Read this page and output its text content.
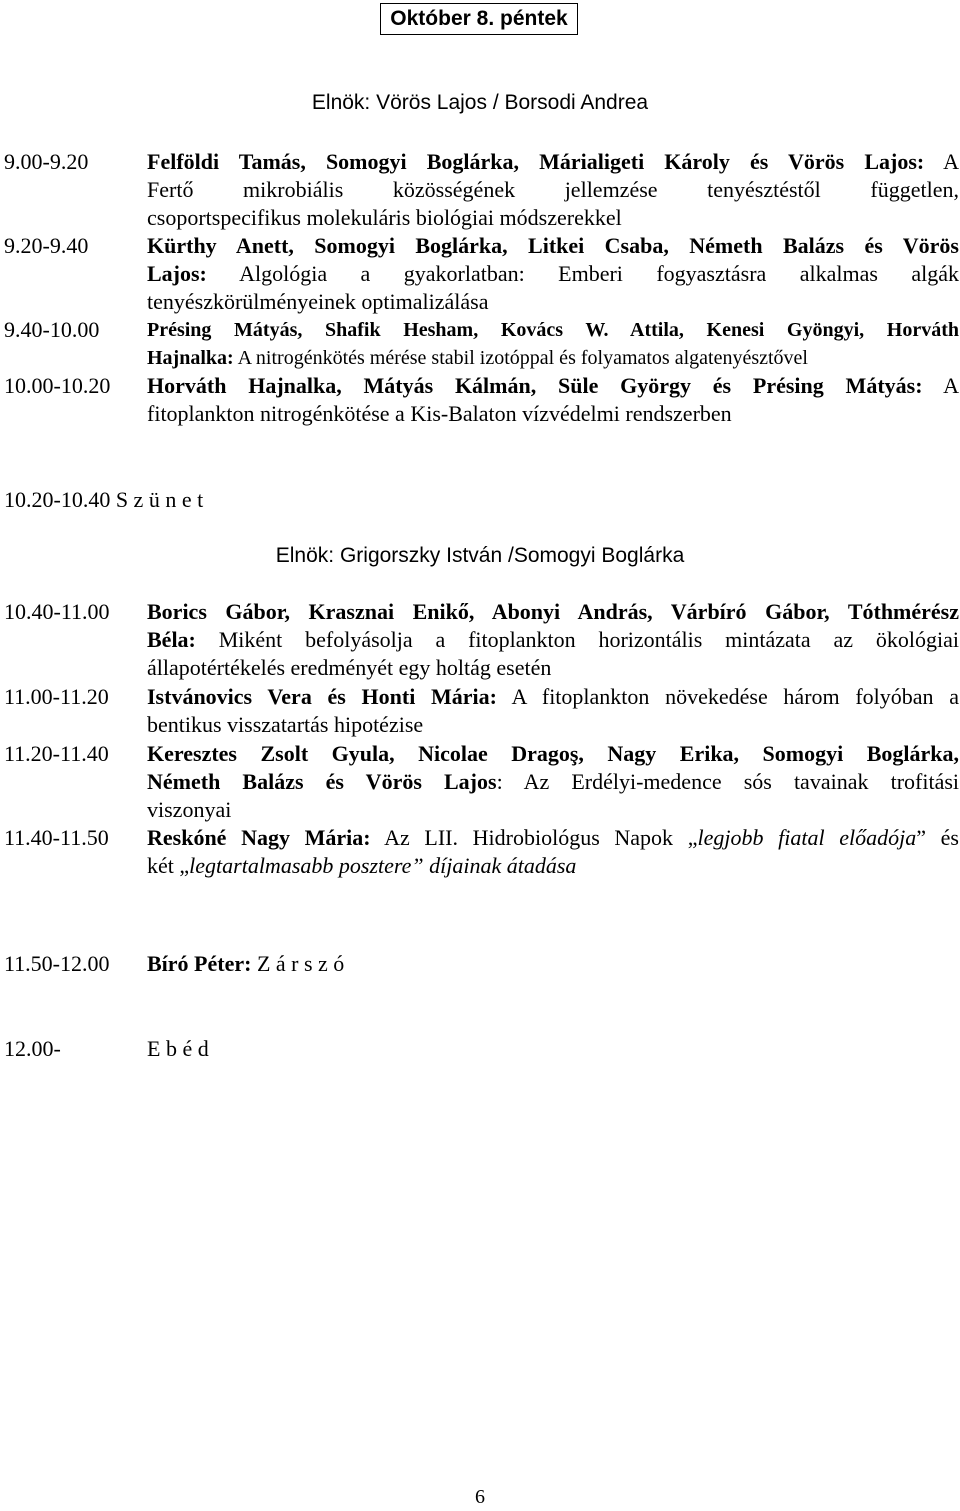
Október 8. péntek
Elnök: Vörös Lajos / Borsodi Andrea
9.00-9.20	Felföldi Tamás, Somogyi Boglárka, Márialigeti Károly és Vörös Lajos: A
Fertő mikrobiális közösségének jellemzése tenyésztéstől független,
csoportspecifikus molekuláris biológiai módszerekkel
9.20-9.40	Kürthy Anett, Somogyi Boglárka, Litkei Csaba, Németh Balázs és Vörös
Lajos: Algológia a gyakorlatban: Emberi fogyasztásra alkalmas algák
tenyészkörülményeinek optimalizálása
9.40-10.00 Présing Mátyás, Shafik Hesham, Kovács W. Attila, Kenesi Gyöngyi, Horváth
Hajnalka: A nitrogénkötés mérése stabil izotóppal és folyamatos algatenyésztővel
10.00-10.20 Horváth Hajnalka, Mátyás Kálmán, Süle György és Présing Mátyás: A
fitoplankton nitrogénkötése a Kis-Balaton vízvédelmi rendszerben
10.20-10.40 S z ü n e t
Elnök: Grigorszky István /Somogyi Boglárka
10.40-11.00 Borics Gábor, Krasznai Enikő, Abonyi András, Várbíró Gábor, Tóthmérész
Béla: Miként befolyásolja a fitoplankton horizontális mintázata az ökológiai
állapotértékelés eredményét egy holtág esetén
11.00-11.20 Istvánovics Vera és Honti Mária: A fitoplankton növekedése három folyóban a
bentikus visszatartás hipotézise
11.20-11.40 Keresztes Zsolt Gyula, Nicolae Dragoş, Nagy Erika, Somogyi Boglárka,
Németh Balázs és Vörös Lajos: Az Erdélyi-medence sós tavainak trofitási
viszonyai
11.40-11.50 Reskóné Nagy Mária: Az LII. Hidrobiológus Napok „legjobb fiatal előadója” és
két „legtartalmasabb posztere” díjainak átadása
11.50-12.00 Bíró Péter: Z á r s z ó
12.00-	E b é d
6
